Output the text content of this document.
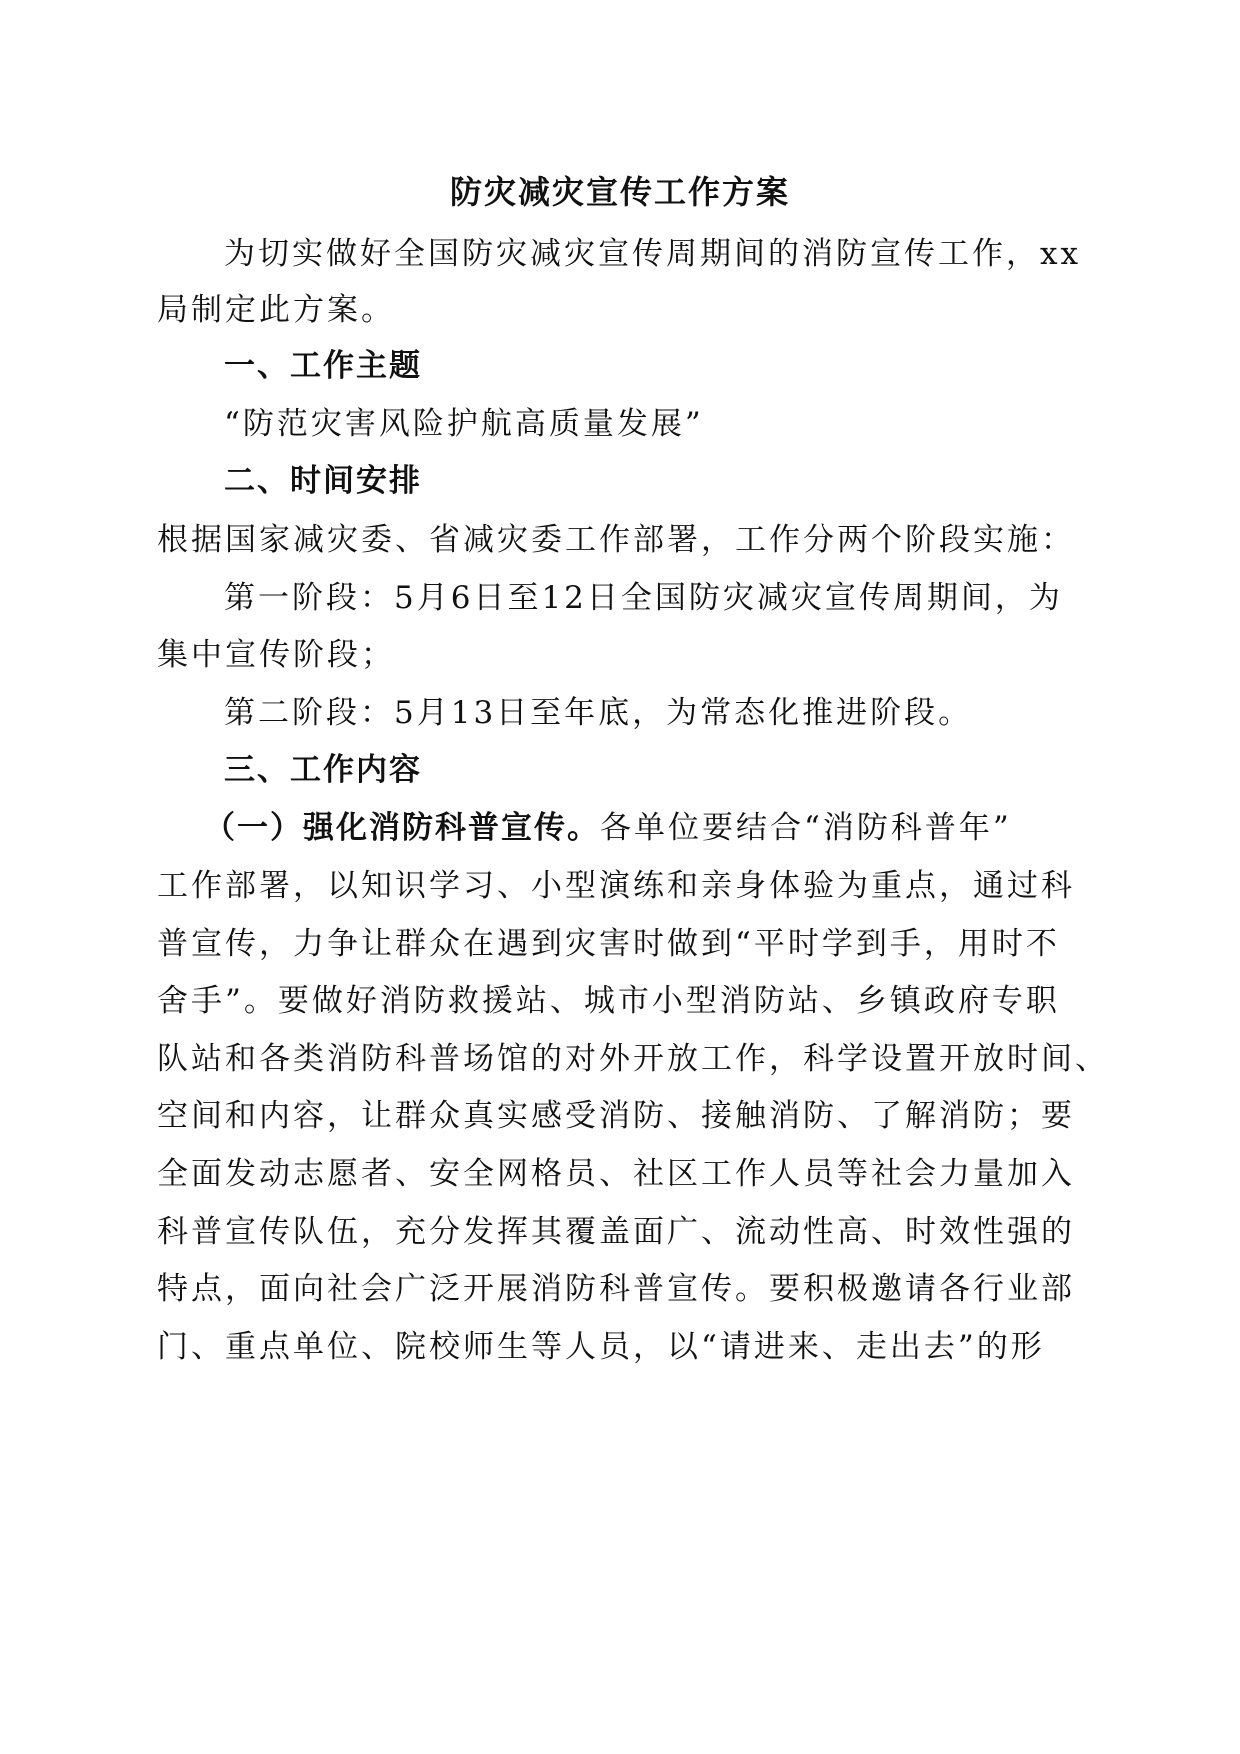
防灾减灾宣传工作方案
为切实做好全国防灾减灾宣传周期间的消防宣传工作，xx
局制定此方案。
一、工作主题
“防范灾害风险护航高质量发展”
二、时间安排
根据国家减灾委、省减灾委工作部署，工作分两个阶段实施：
第一阶段：5月6日至12日全国防灾减灾宣传周期间，为
集中宣传阶段；
第二阶段：5月13日至年底，为常态化推进阶段。
三、工作内容
（一）强化消防科普宣传。各单位要结合“消防科普年”
工作部署，以知识学习、小型演练和亲身体验为重点，通过科
普宣传，力争让群众在遇到灾害时做到“平时学到手，用时不
舍手”。要做好消防救援站、城市小型消防站、乡镇政府专职
队站和各类消防科普场馆的对外开放工作，科学设置开放时间、
空间和内容，让群众真实感受消防、接触消防、了解消防；要
全面发动志愿者、安全网格员、社区工作人员等社会力量加入
科普宣传队伍，充分发挥其覆盖面广、流动性高、时效性强的
特点，面向社会广泛开展消防科普宣传。要积极邀请各行业部
门、重点单位、院校师生等人员，以“请进来、走出去”的形
